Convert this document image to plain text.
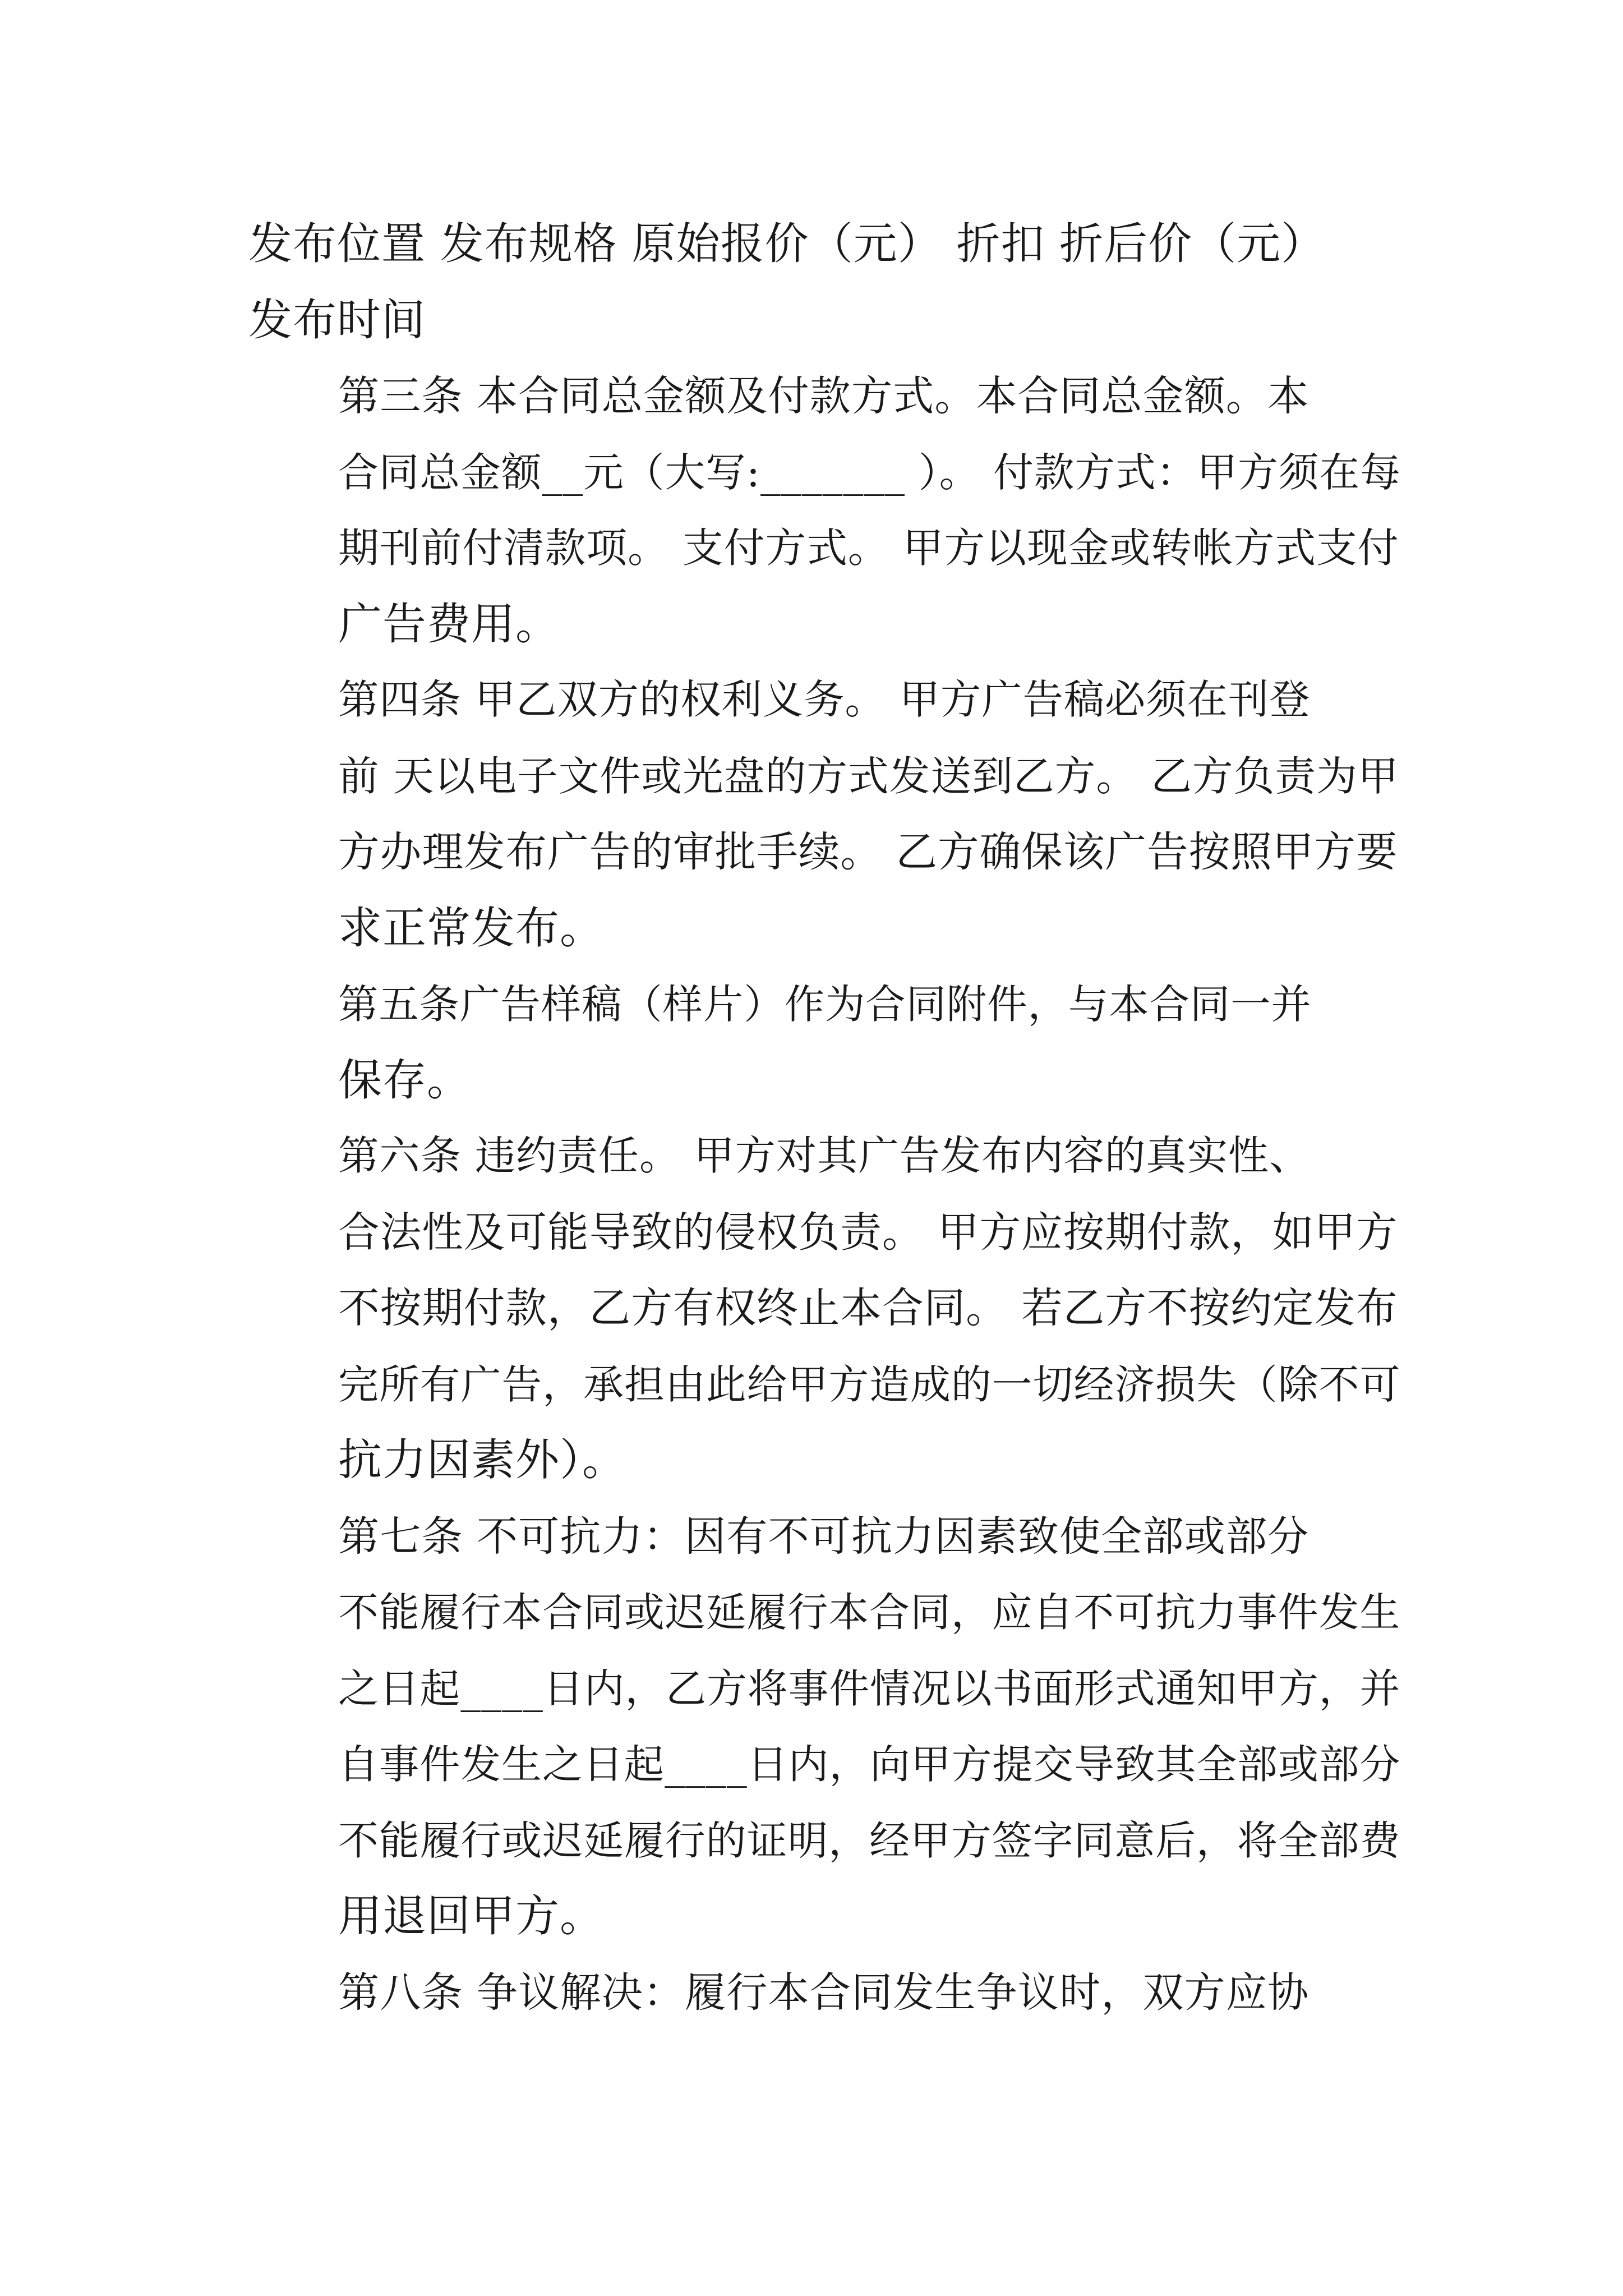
发布位置 发布规格 原始报价（元） 折扣 折后价（元）
发布时间

第三条 本合同总金额及付款方式。本合同总金额。本
合同总金额__元（大写:_______ ）。 付款方式：甲方须在每
期刊前付清款项。 支付方式。 甲方以现金或转帐方式支付
广告费用。

第四条 甲乙双方的权利义务。 甲方广告稿必须在刊登
前 天以电子文件或光盘的方式发送到乙方。 乙方负责为甲
方办理发布广告的审批手续。 乙方确保该广告按照甲方要
求正常发布。

第五条广告样稿（样片）作为合同附件，与本合同一并
保存。

第六条 违约责任。 甲方对其广告发布内容的真实性、
合法性及可能导致的侵权负责。 甲方应按期付款，如甲方
不按期付款，乙方有权终止本合同。 若乙方不按约定发布
完所有广告，承担由此给甲方造成的一切经济损失（除不可
抗力因素外）。

第七条 不可抗力：因有不可抗力因素致使全部或部分
不能履行本合同或迟延履行本合同，应自不可抗力事件发生
之日起____日内，乙方将事件情况以书面形式通知甲方，并
自事件发生之日起____日内，向甲方提交导致其全部或部分
不能履行或迟延履行的证明，经甲方签字同意后，将全部费
用退回甲方。

第八条 争议解决：履行本合同发生争议时，双方应协
